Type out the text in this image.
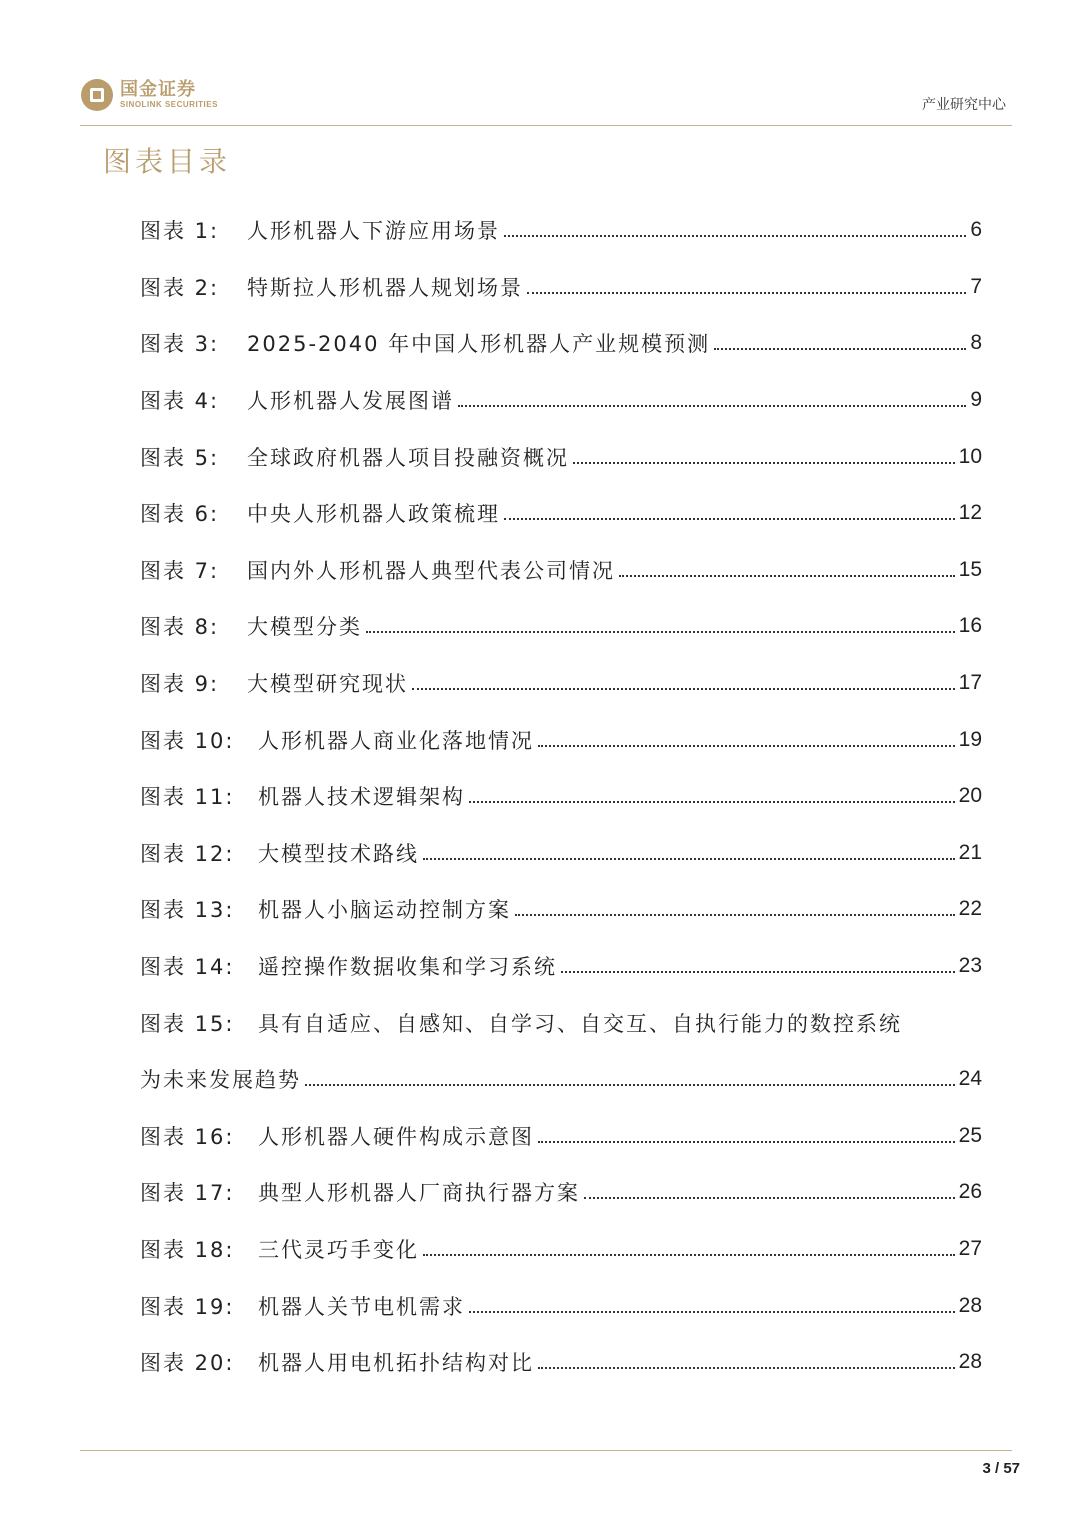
国金证券
SINOLINK SECURITIES	产业研究中心
图表目录
图表 1:	人形机器人下游应用场景	6
图表 2:	特斯拉人形机器人规划场景	7
图表 3:	2025-2040 年中国人形机器人产业规模预测	8
图表 4:	人形机器人发展图谱	9
图表 5:	全球政府机器人项目投融资概况	10
图表 6:	中央人形机器人政策梳理	12
图表 7:	国内外人形机器人典型代表公司情况	15
图表 8:	大模型分类	16
图表 9:	大模型研究现状	17
图表 10:	人形机器人商业化落地情况	19
图表 11:	机器人技术逻辑架构	20
图表 12:	大模型技术路线	21
图表 13:	机器人小脑运动控制方案	22
图表 14:	遥控操作数据收集和学习系统	23
图表 15:	具有自适应、自感知、自学习、自交互、自执行能力的数控系统
为未来发展趋势	24
图表 16:	人形机器人硬件构成示意图	25
图表 17:	典型人形机器人厂商执行器方案	26
图表 18:	三代灵巧手变化	27
图表 19:	机器人关节电机需求	28
图表 20:	机器人用电机拓扑结构对比	28
3 / 57
